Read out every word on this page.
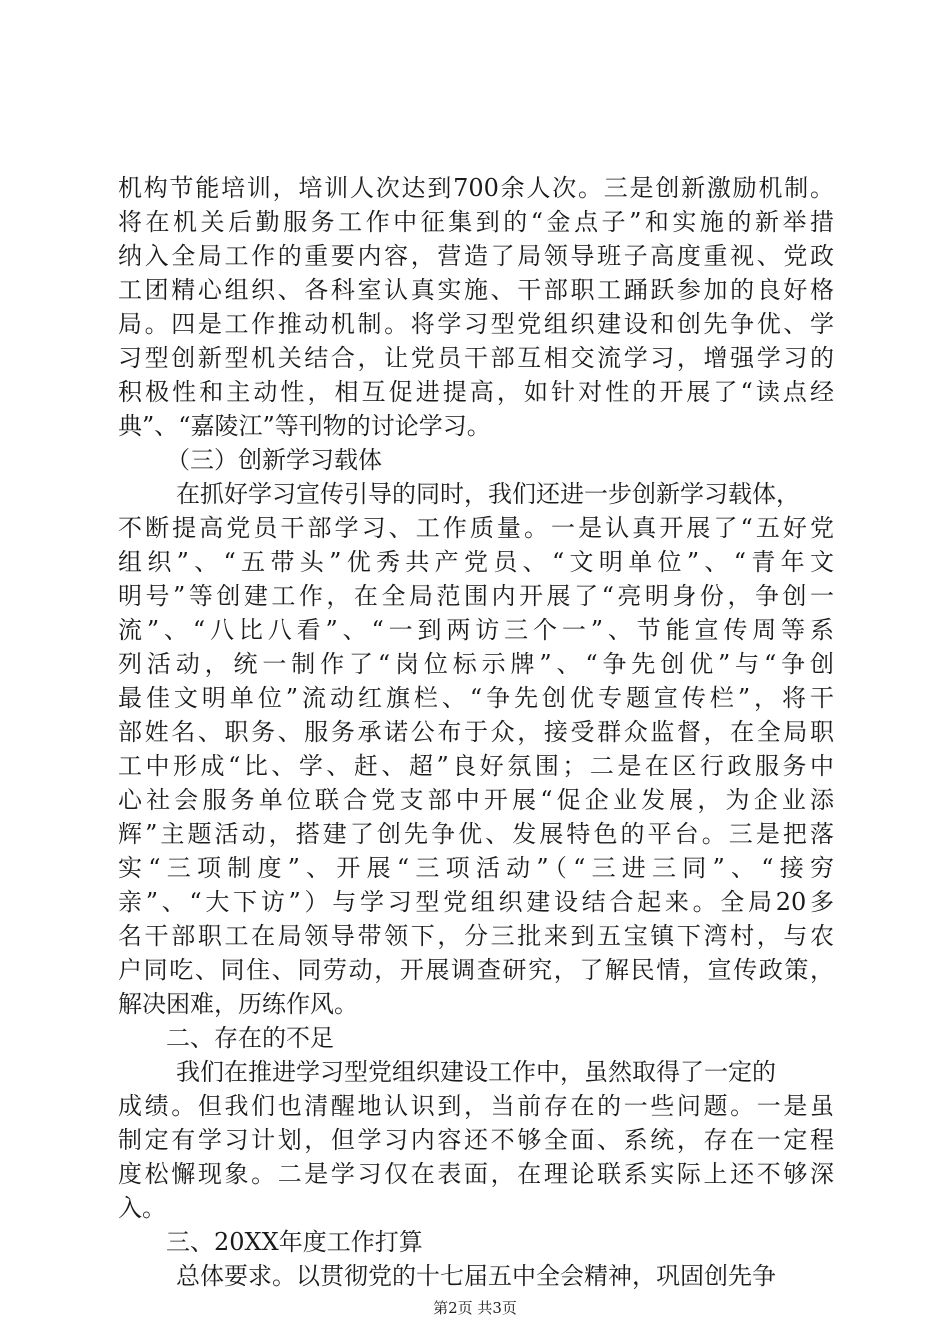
机构节能培训，培训人次达到700余人次。三是创新激励机制。
将在机关后勤服务工作中征集到的“金点子”和实施的新举措
纳入全局工作的重要内容，营造了局领导班子高度重视、党政
工团精心组织、各科室认真实施、干部职工踊跃参加的良好格
局。四是工作推动机制。将学习型党组织建设和创先争优、学
习型创新型机关结合，让党员干部互相交流学习，增强学习的
积极性和主动性，相互促进提高，如针对性的开展了“读点经
典”、“嘉陵江”等刊物的讨论学习。
（三）创新学习载体
在抓好学习宣传引导的同时，我们还进一步创新学习载体，
不断提高党员干部学习、工作质量。一是认真开展了“五好党
组织”、“五带头”优秀共产党员、“文明单位”、“青年文
明号”等创建工作，在全局范围内开展了“亮明身份，争创一
流”、“八比八看”、“一到两访三个一”、节能宣传周等系
列活动，统一制作了“岗位标示牌”、“争先创优”与“争创
最佳文明单位”流动红旗栏、“争先创优专题宣传栏”，将干
部姓名、职务、服务承诺公布于众，接受群众监督，在全局职
工中形成“比、学、赶、超”良好氛围；二是在区行政服务中
心社会服务单位联合党支部中开展“促企业发展，为企业添
辉”主题活动，搭建了创先争优、发展特色的平台。三是把落
实“三项制度”、开展“三项活动”（“三进三同”、“接穷
亲”、“大下访”）与学习型党组织建设结合起来。全局20多
名干部职工在局领导带领下，分三批来到五宝镇下湾村，与农
户同吃、同住、同劳动，开展调查研究，了解民情，宣传政策，
解决困难，历练作风。
二、存在的不足
我们在推进学习型党组织建设工作中，虽然取得了一定的
成绩。但我们也清醒地认识到，当前存在的一些问题。一是虽
制定有学习计划，但学习内容还不够全面、系统，存在一定程
度松懈现象。二是学习仅在表面，在理论联系实际上还不够深
入。
三、20XX年度工作打算
总体要求。以贯彻党的十七届五中全会精神，巩固创先争
第2页 共3页
